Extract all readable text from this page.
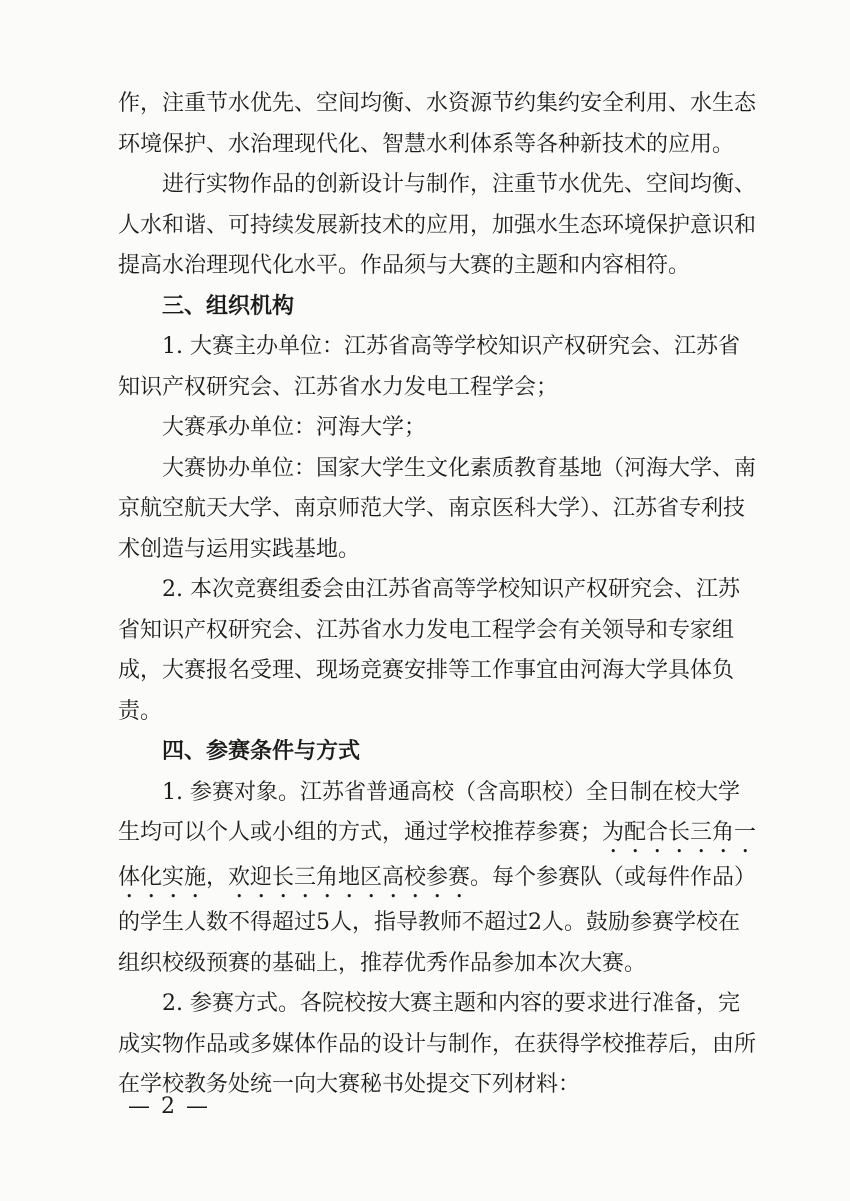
作，注重节水优先、空间均衡、水资源节约集约安全利用、水生态环境保护、水治理现代化、智慧水利体系等各种新技术的应用。

进行实物作品的创新设计与制作，注重节水优先、空间均衡、人水和谐、可持续发展新技术的应用，加强水生态环境保护意识和提高水治理现代化水平。作品须与大赛的主题和内容相符。

三、组织机构

1. 大赛主办单位：江苏省高等学校知识产权研究会、江苏省知识产权研究会、江苏省水力发电工程学会；

大赛承办单位：河海大学；

大赛协办单位：国家大学生文化素质教育基地（河海大学、南京航空航天大学、南京师范大学、南京医科大学）、江苏省专利技术创造与运用实践基地。

2. 本次竞赛组委会由江苏省高等学校知识产权研究会、江苏省知识产权研究会、江苏省水力发电工程学会有关领导和专家组成，大赛报名受理、现场竞赛安排等工作事宜由河海大学具体负责。

四、参赛条件与方式

1. 参赛对象。江苏省普通高校（含高职校）全日制在校大学生均可以个人或小组的方式，通过学校推荐参赛；为配合长三角一体化实施，欢迎长三角地区高校参赛。每个参赛队（或每件作品）的学生人数不得超过5人，指导教师不超过2人。鼓励参赛学校在组织校级预赛的基础上，推荐优秀作品参加本次大赛。

2. 参赛方式。各院校按大赛主题和内容的要求进行准备，完成实物作品或多媒体作品的设计与制作，在获得学校推荐后，由所在学校教务处统一向大赛秘书处提交下列材料：

— 2 —
